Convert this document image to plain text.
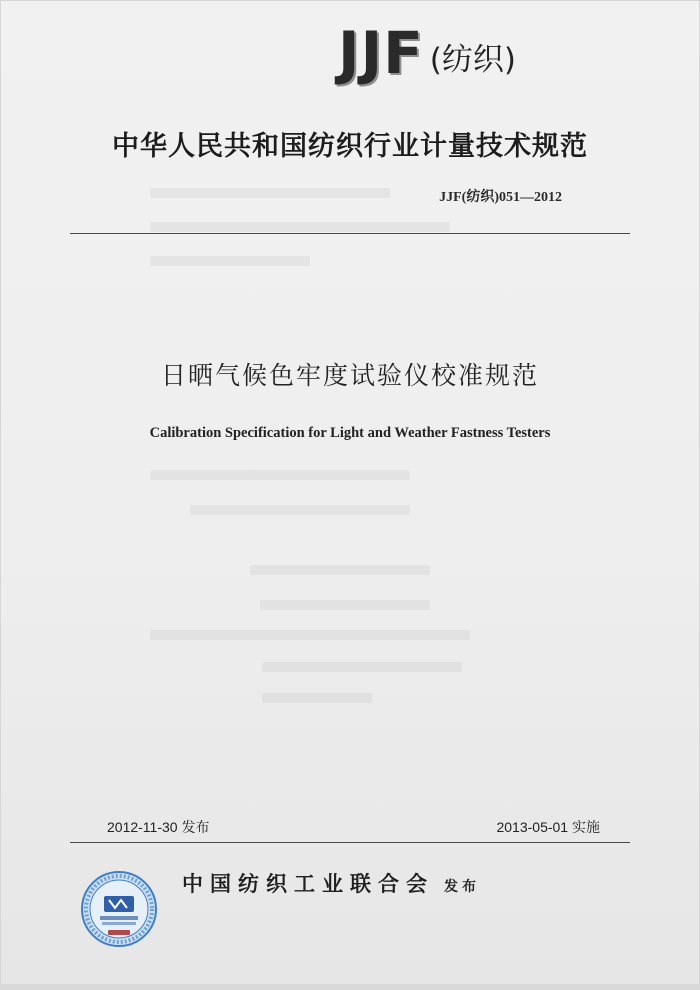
JJF (纺织)
中华人民共和国纺织行业计量技术规范
JJF(纺织)051—2012
日晒气候色牢度试验仪校准规范
Calibration Specification for Light and Weather Fastness Testers
2012-11-30 发布	2013-05-01 实施
中国纺织工业联合会 发布
